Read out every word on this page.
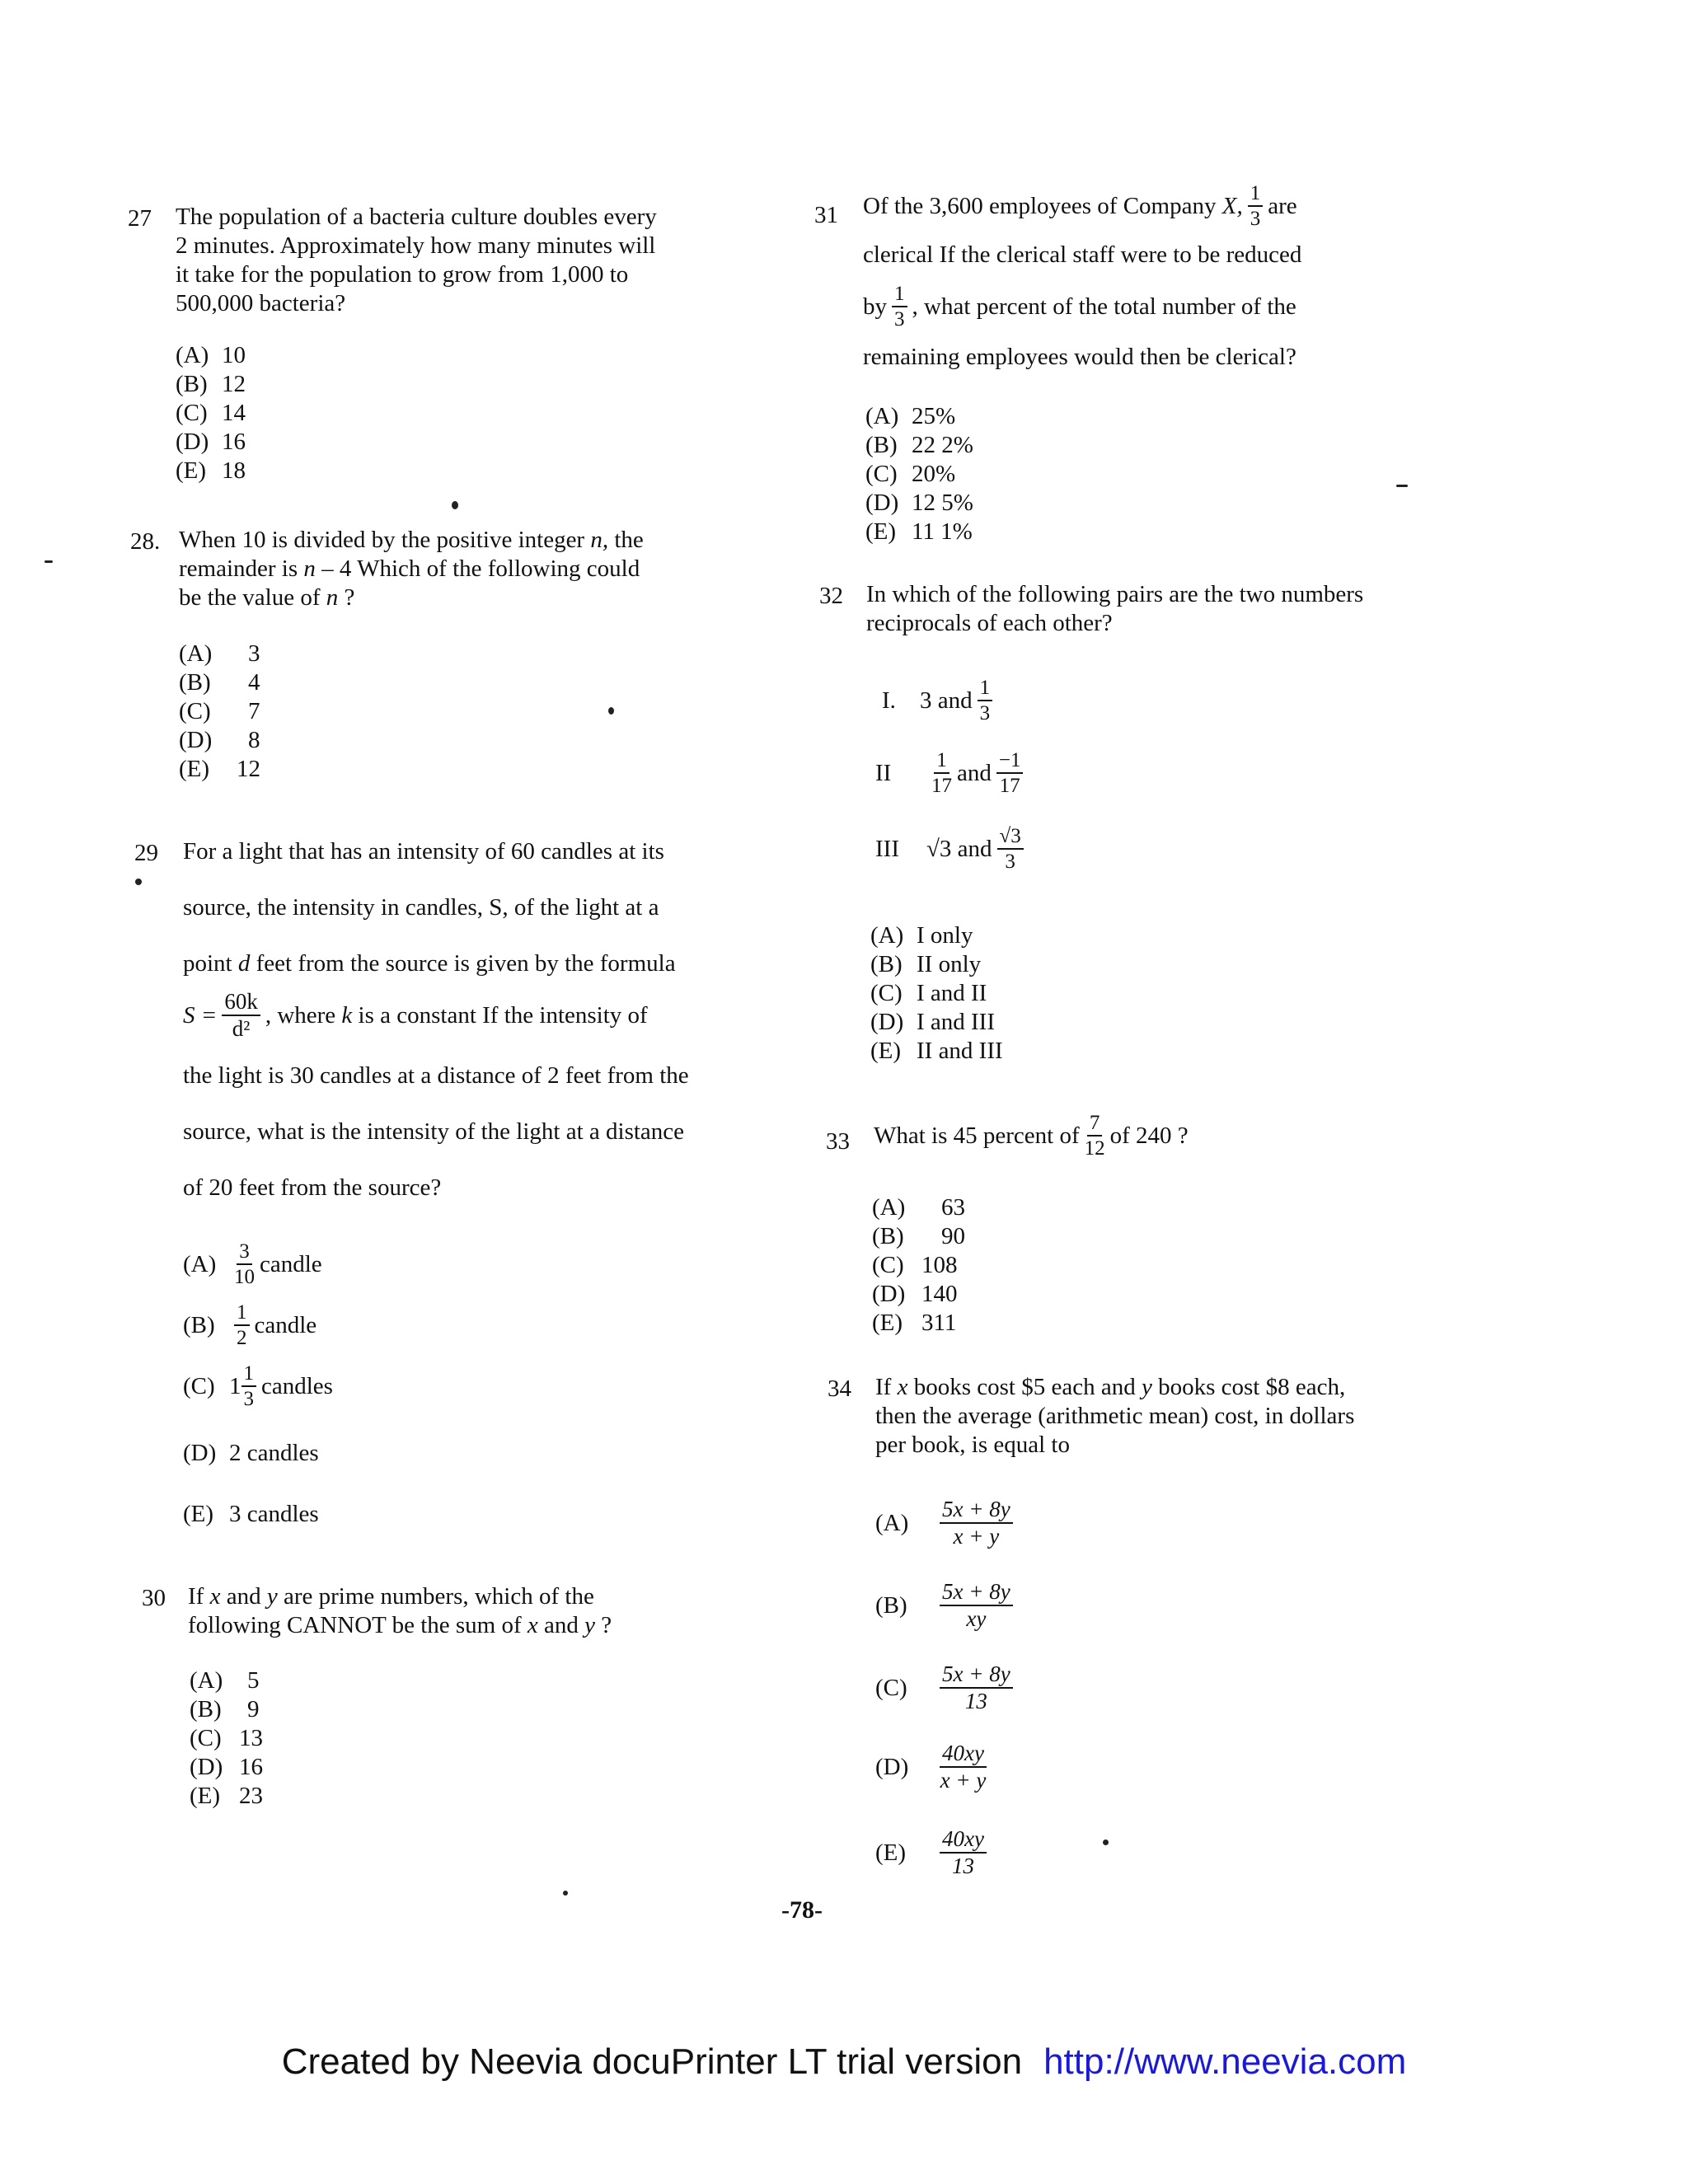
27 The population of a bacteria culture doubles every
2 minutes. Approximately how many minutes will
it take for the population to grow from 1,000 to
500,000 bacteria?
(A) 10
(B) 12
(C) 14
(D) 16
(E) 18
28. When 10 is divided by the positive integer n, the
remainder is n – 4 Which of the following could
be the value of n ?
(A)	3
(B)	4
(C)	7
(D)	8
(E)	12
29 For a light that has an intensity of 60 candles at its
source, the intensity in candles, S, of the light at a
point d feet from the source is given by the formula
$S = \frac{60k}{\text{d²}}$ , where
k
is a constant If the intensity of
the light is 30 candles at a distance of 2 feet from the
source, what is the intensity of the light at a distance
of 20 feet from the source?
$(A) \frac{3}{10}$ candle
$(B) \frac{1}{2}$ candle
(C) $1 \frac{1}{3}$ candles
(D) 2 candles
(E) 3 candles
30 If x and y are prime numbers, which of the
following CANNOT be the sum of x and y ?
(A)	5
(B)	9
(C) 13
(D) 16
(E) 23
31 Of the 3,600 employees of Company
X, $\frac{1}{3}$ are
clerical If the clerical staff were to be reduced
by $\frac{1}{3}$ , what percent of the total number of the
remaining employees would then be clerical?
(A) 25%
(B) 22 2%
(C) 20%
(D) 12 5%
(E) 11 1%
32 In which of the following pairs are the two numbers
reciprocals of each other?
I.	3 and $\frac{1}{3}$
II	$\frac{1}{17}$ and $\frac{-1}{17}$
III	√3
and $\frac{√3}{3}$
(A) I only
(B) II only
(C) I and II
(D) I and III
(E) II and III
33 What is 45 percent of $\frac{7}{12}$ of 240 ?
(A)	63
(B)	90
(C) 108
(D) 140
(E) 311
34 If x books cost $5 each and y books cost $8 each,
then the average (arithmetic mean) cost, in dollars
per book, is equal to
(A)	$\frac{5x + 8y}{x + y}$
(B)	$\frac{5x + 8y}{xy}$
(C)	$\frac{5x + 8y}{13}$
(D)	$\frac{40xy}{x + y}$
(E)	$\frac{40xy}{13}$
-78-
Created by Neevia docuPrinter LT trial version http://www.neevia.com
